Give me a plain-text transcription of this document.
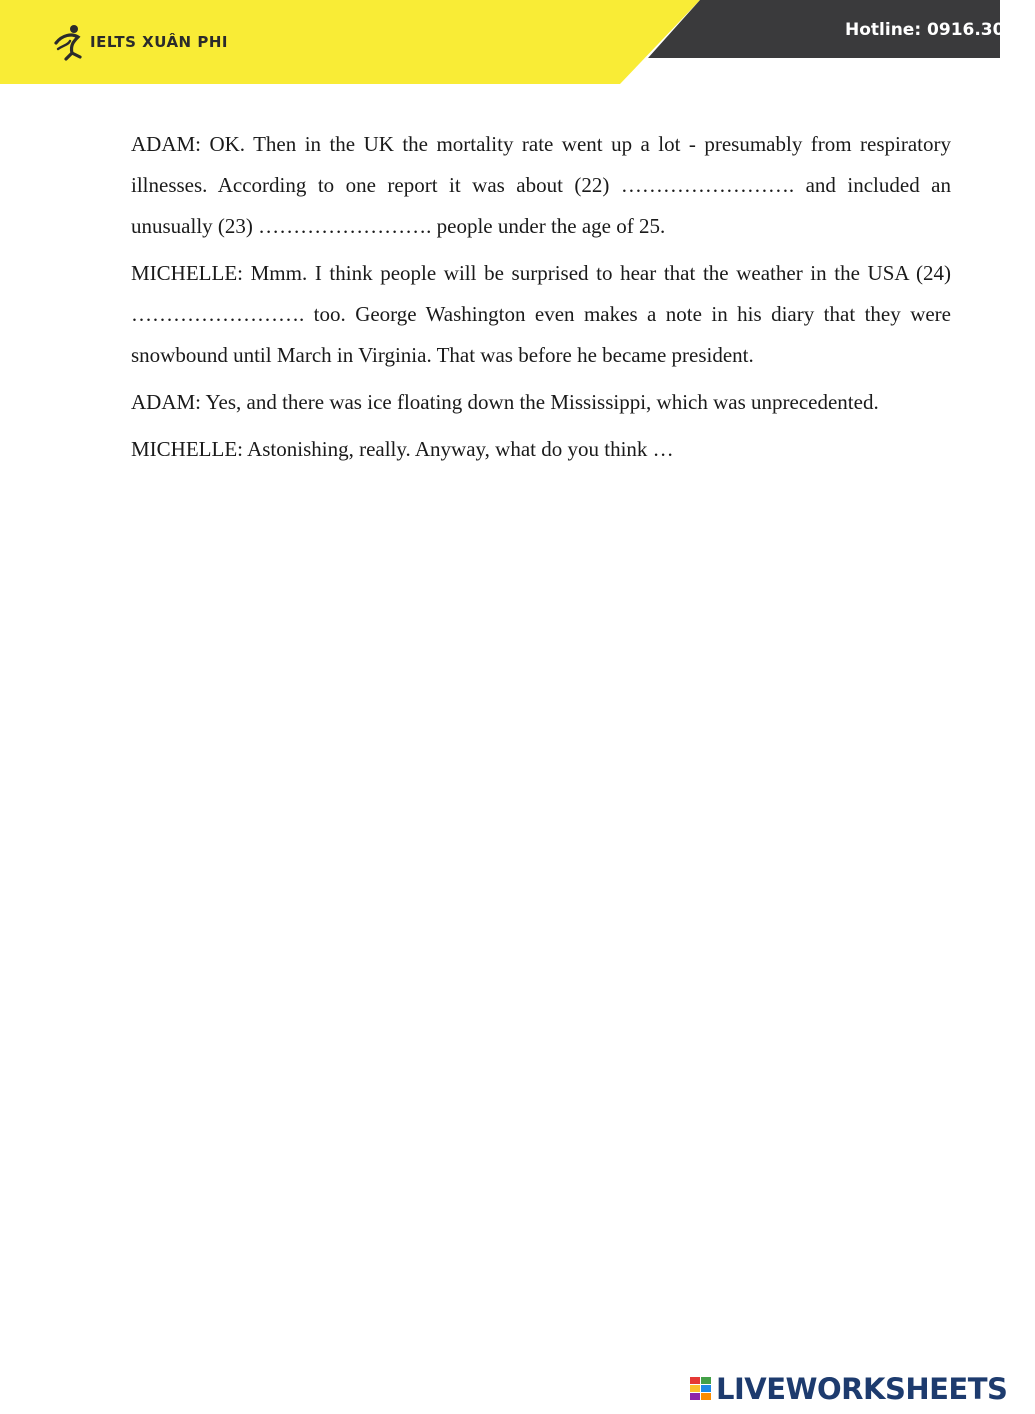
IELTS XUÂN PHI
Hotline: 0916.300.7

ADAM: OK. Then in the UK the mortality rate went up a lot - presumably from respiratory illnesses. According to one report it was about (22) ……………………. and included an unusually (23) ……………………. people under the age of 25.

MICHELLE: Mmm. I think people will be surprised to hear that the weather in the USA (24) ……………………. too. George Washington even makes a note in his diary that they were snowbound until March in Virginia. That was before he became president.

ADAM: Yes, and there was ice floating down the Mississippi, which was unprecedented.

MICHELLE: Astonishing, really. Anyway, what do you think …

LIVEWORKSHEETS
